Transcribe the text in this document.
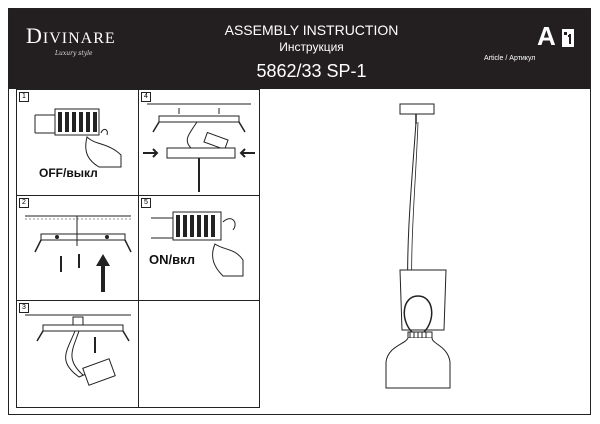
DIVINARE
Luxury style
ASSEMBLY INSTRUCTION
Инструкция
5862/33 SP-1
A
Article / Артикул
1
OFF/выкл
2
3
4
5
ON/вкл
